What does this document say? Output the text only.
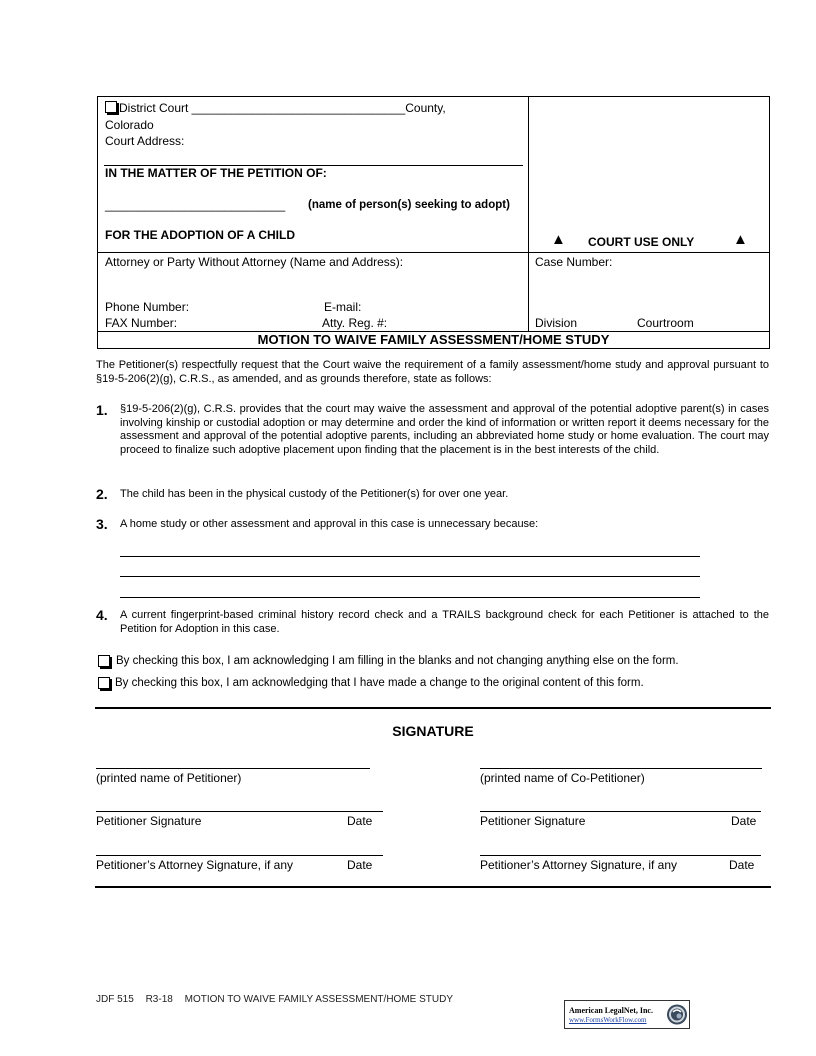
District Court ________________________________County,
Colorado
Court Address:
IN THE MATTER OF THE PETITION OF:
___________________________ (name of person(s) seeking to adopt)
FOR THE ADOPTION OF A CHILD	▲ COURT USE ONLY	▲
Attorney or Party Without Attorney (Name and Address):
Phone Number:	E-mail:
FAX Number:	Atty. Reg. #:
Case Number:
Division	Courtroom
MOTION TO WAIVE FAMILY ASSESSMENT/HOME STUDY
The Petitioner(s) respectfully request that the Court waive the requirement of a family assessment/home study and approval pursuant to §19-5-206(2)(g), C.R.S., as amended, and as grounds therefore, state as follows:
1. §19-5-206(2)(g), C.R.S. provides that the court may waive the assessment and approval of the potential adoptive parent(s) in cases involving kinship or custodial adoption or may determine and order the kind of information or written report it deems necessary for the assessment and approval of the potential adoptive parents, including an abbreviated home study or home evaluation. The court may proceed to finalize such adoptive placement upon finding that the placement is in the best interests of the child.
2. The child has been in the physical custody of the Petitioner(s) for over one year.
3. A home study or other assessment and approval in this case is unnecessary because:
4. A current fingerprint-based criminal history record check and a TRAILS background check for each Petitioner is attached to the Petition for Adoption in this case.
By checking this box, I am acknowledging I am filling in the blanks and not changing anything else on the form.
By checking this box, I am acknowledging that I have made a change to the original content of this form.
SIGNATURE
(printed name of Petitioner)	(printed name of Co-Petitioner)
Petitioner Signature	Date	Petitioner Signature	Date
Petitioner’s Attorney Signature, if any	Date	Petitioner’s Attorney Signature, if any	Date
JDF 515 R3-18 MOTION TO WAIVE FAMILY ASSESSMENT/HOME STUDY
American LegalNet, Inc.
www.FormsWorkFlow.com
